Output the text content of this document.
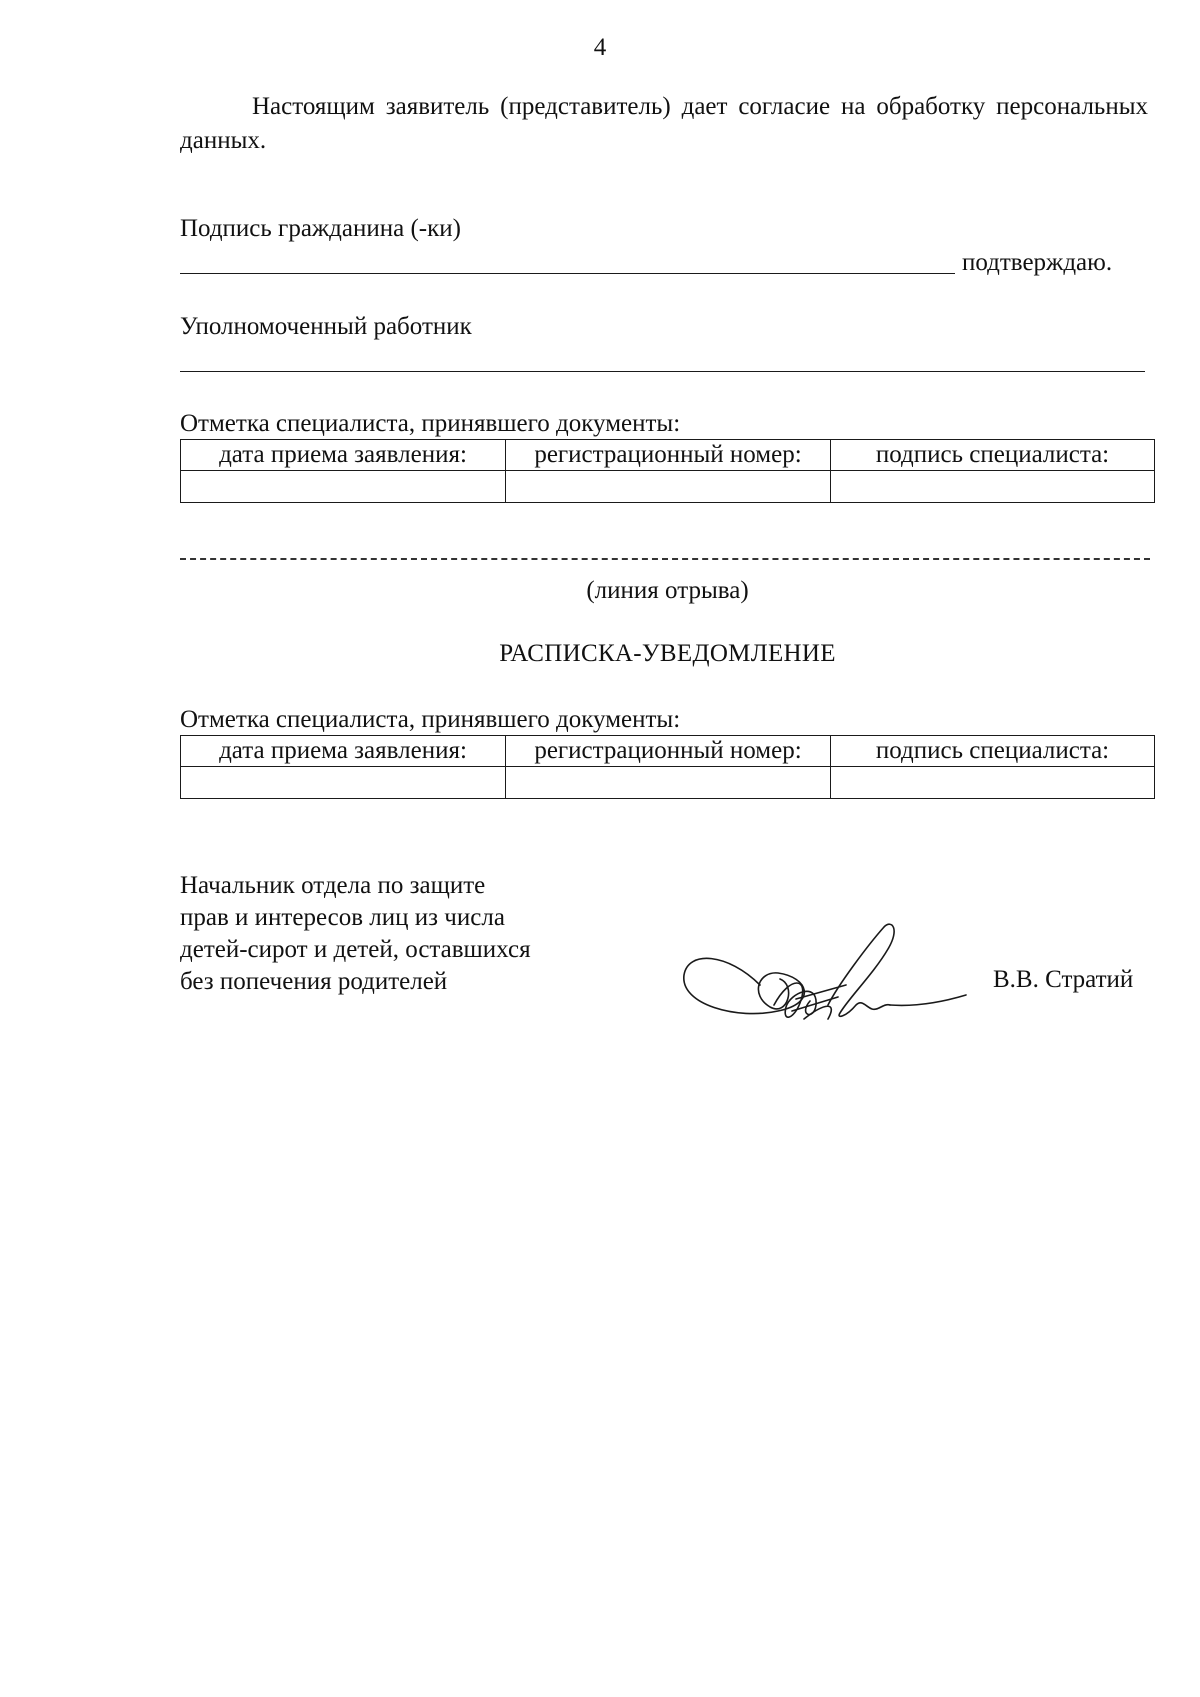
4
Настоящим заявитель (представитель) дает согласие на обработку персональных данных.
Подпись гражданина (-ки)
подтверждаю.
Уполномоченный работник
Отметка специалиста, принявшего документы:
дата приема заявления:	регистрационный номер:	подпись специалиста:

(линия отрыва)
РАСПИСКА-УВЕДОМЛЕНИЕ
Отметка специалиста, принявшего документы:
дата приема заявления:	регистрационный номер:	подпись специалиста:

Начальник отдела по защите
прав и интересов лиц из числа
детей-сирот и детей, оставшихся
без попечения родителей	В.В. Стратий
